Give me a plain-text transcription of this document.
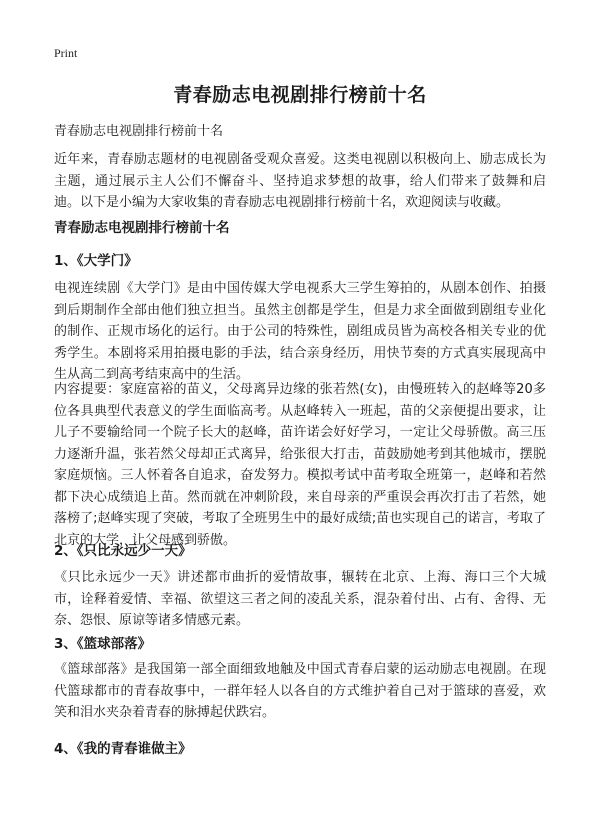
Print
青春励志电视剧排行榜前十名
青春励志电视剧排行榜前十名

近年来，青春励志题材的电视剧备受观众喜爱。这类电视剧以积极向上、励志成长为主题，通过展示主人公们不懈奋斗、坚持追求梦想的故事，给人们带来了鼓舞和启迪。以下是小编为大家收集的青春励志电视剧排行榜前十名，欢迎阅读与收藏。

青春励志电视剧排行榜前十名
1、《大学门》

电视连续剧《大学门》是由中国传媒大学电视系大三学生筹拍的，从剧本创作、拍摄到后期制作全部由他们独立担当。虽然主创都是学生，但是力求全面做到剧组专业化的制作、正规市场化的运行。由于公司的特殊性，剧组成员皆为高校各相关专业的优秀学生。本剧将采用拍摄电影的手法，结合亲身经历，用快节奏的方式真实展现高中生从高二到高考结束高中的生活。

内容提要：家庭富裕的苗义，父母离异边缘的张若然(女)，由慢班转入的赵峰等20多位各具典型代表意义的学生面临高考。从赵峰转入一班起，苗的父亲便提出要求，让儿子不要输给同一个院子长大的赵峰，苗许诺会好好学习，一定让父母骄傲。高三压力逐渐升温，张若然父母却正式离异，给张很大打击，苗鼓励她考到其他城市，摆脱家庭烦恼。三人怀着各自追求，奋发努力。模拟考试中苗考取全班第一，赵峰和若然都下决心成绩追上苗。然而就在冲刺阶段，来自母亲的严重误会再次打击了若然，她落榜了;赵峰实现了突破，考取了全班男生中的最好成绩;苗也实现自己的诺言，考取了北京的大学，让父母感到骄傲。

2、《只比永远少一天》

《只比永远少一天》讲述都市曲折的爱情故事，辗转在北京、上海、海口三个大城市，诠释着爱情、幸福、欲望这三者之间的凌乱关系，混杂着付出、占有、舍得、无奈、怨恨、原谅等诸多情感元素。

3、《篮球部落》

《篮球部落》是我国第一部全面细致地触及中国式青春启蒙的运动励志电视剧。在现代篮球都市的青春故事中，一群年轻人以各自的方式维护着自己对于篮球的喜爱，欢笑和泪水夹杂着青春的脉搏起伏跌宕。

4、《我的青春谁做主》
